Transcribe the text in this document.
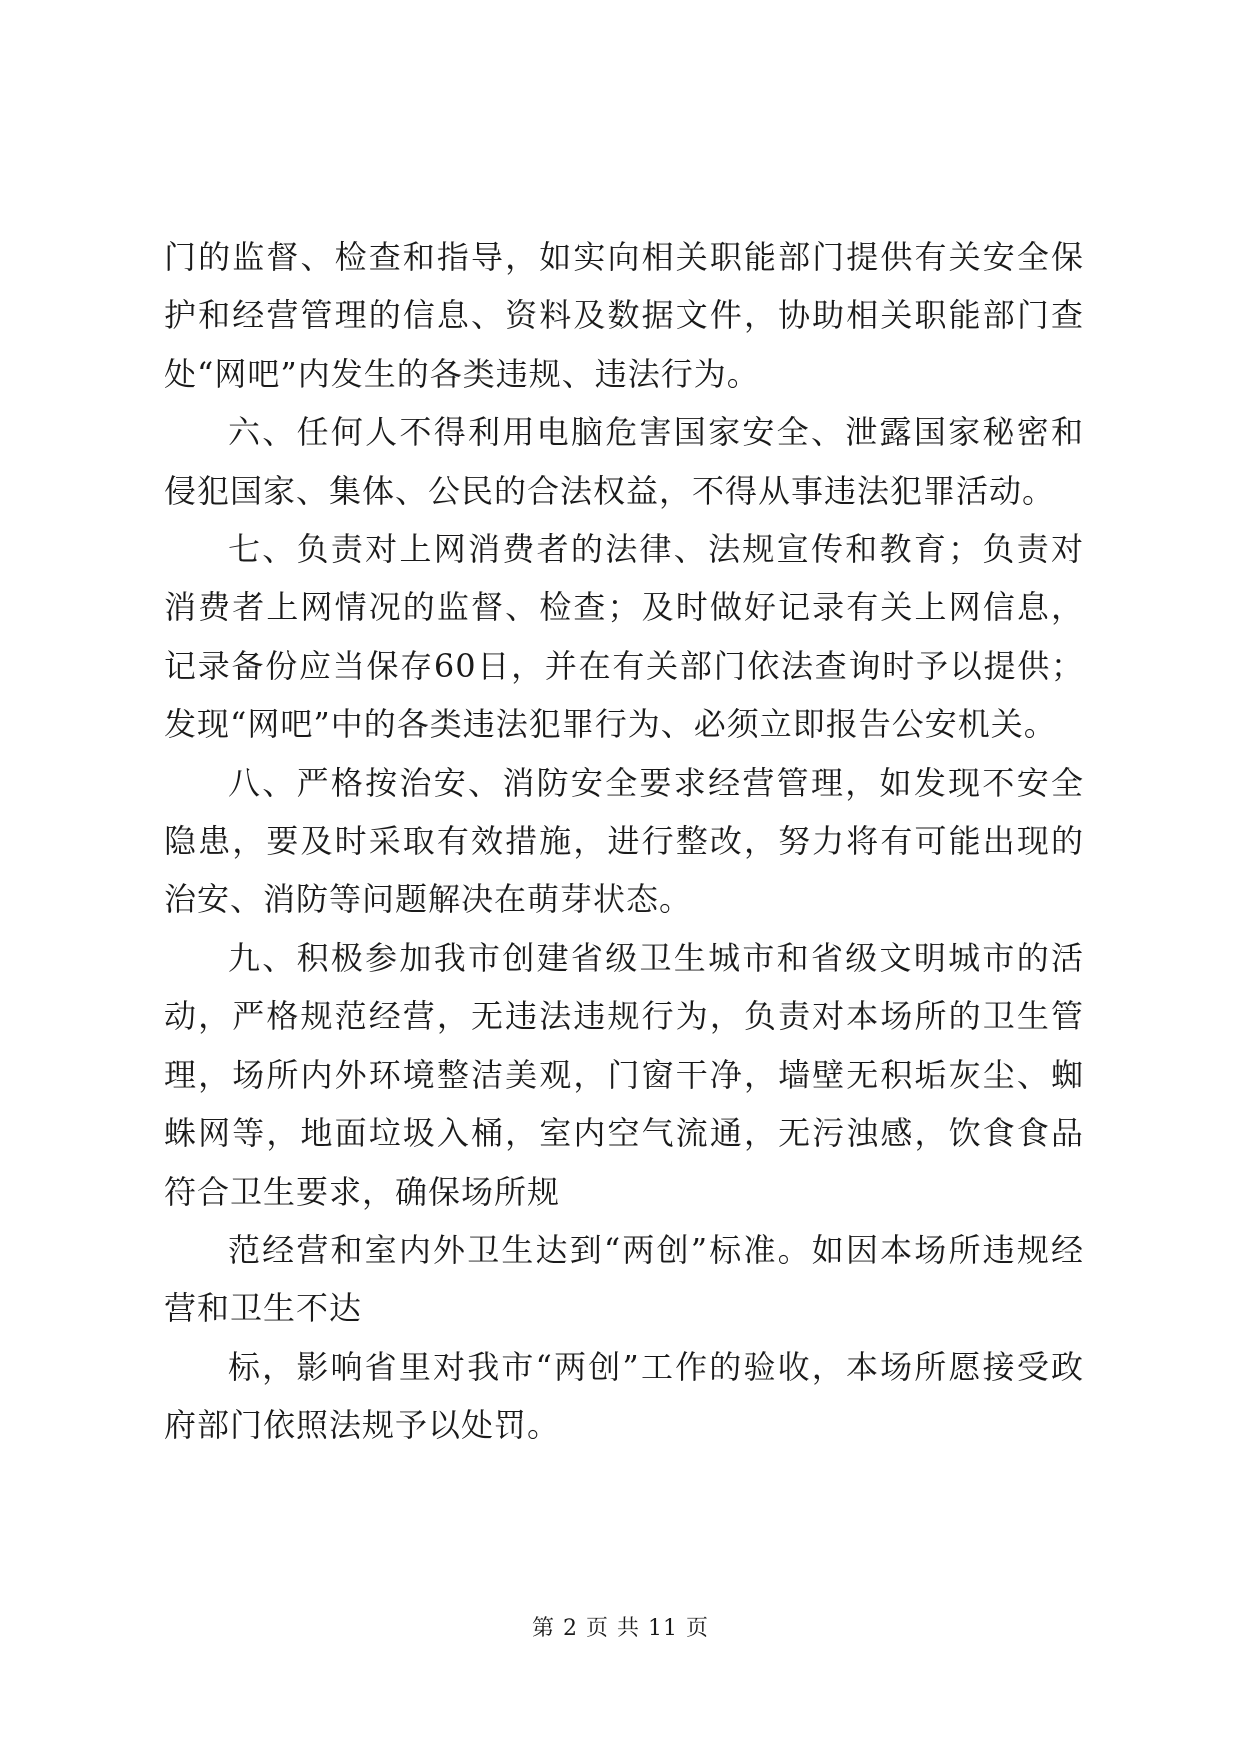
门的监督、检查和指导，如实向相关职能部门提供有关安全保护和经营管理的信息、资料及数据文件，协助相关职能部门查处“网吧”内发生的各类违规、违法行为。

六、任何人不得利用电脑危害国家安全、泄露国家秘密和侵犯国家、集体、公民的合法权益，不得从事违法犯罪活动。

七、负责对上网消费者的法律、法规宣传和教育；负责对消费者上网情况的监督、检查；及时做好记录有关上网信息，记录备份应当保存60日，并在有关部门依法查询时予以提供；发现“网吧”中的各类违法犯罪行为、必须立即报告公安机关。

八、严格按治安、消防安全要求经营管理，如发现不安全隐患，要及时采取有效措施，进行整改，努力将有可能出现的治安、消防等问题解决在萌芽状态。

九、积极参加我市创建省级卫生城市和省级文明城市的活动，严格规范经营，无违法违规行为，负责对本场所的卫生管理，场所内外环境整洁美观，门窗干净，墙壁无积垢灰尘、蜘蛛网等，地面垃圾入桶，室内空气流通，无污浊感，饮食食品符合卫生要求，确保场所规

范经营和室内外卫生达到“两创”标准。如因本场所违规经营和卫生不达

标，影响省里对我市“两创”工作的验收，本场所愿接受政府部门依照法规予以处罚。

第 2 页 共 11 页
